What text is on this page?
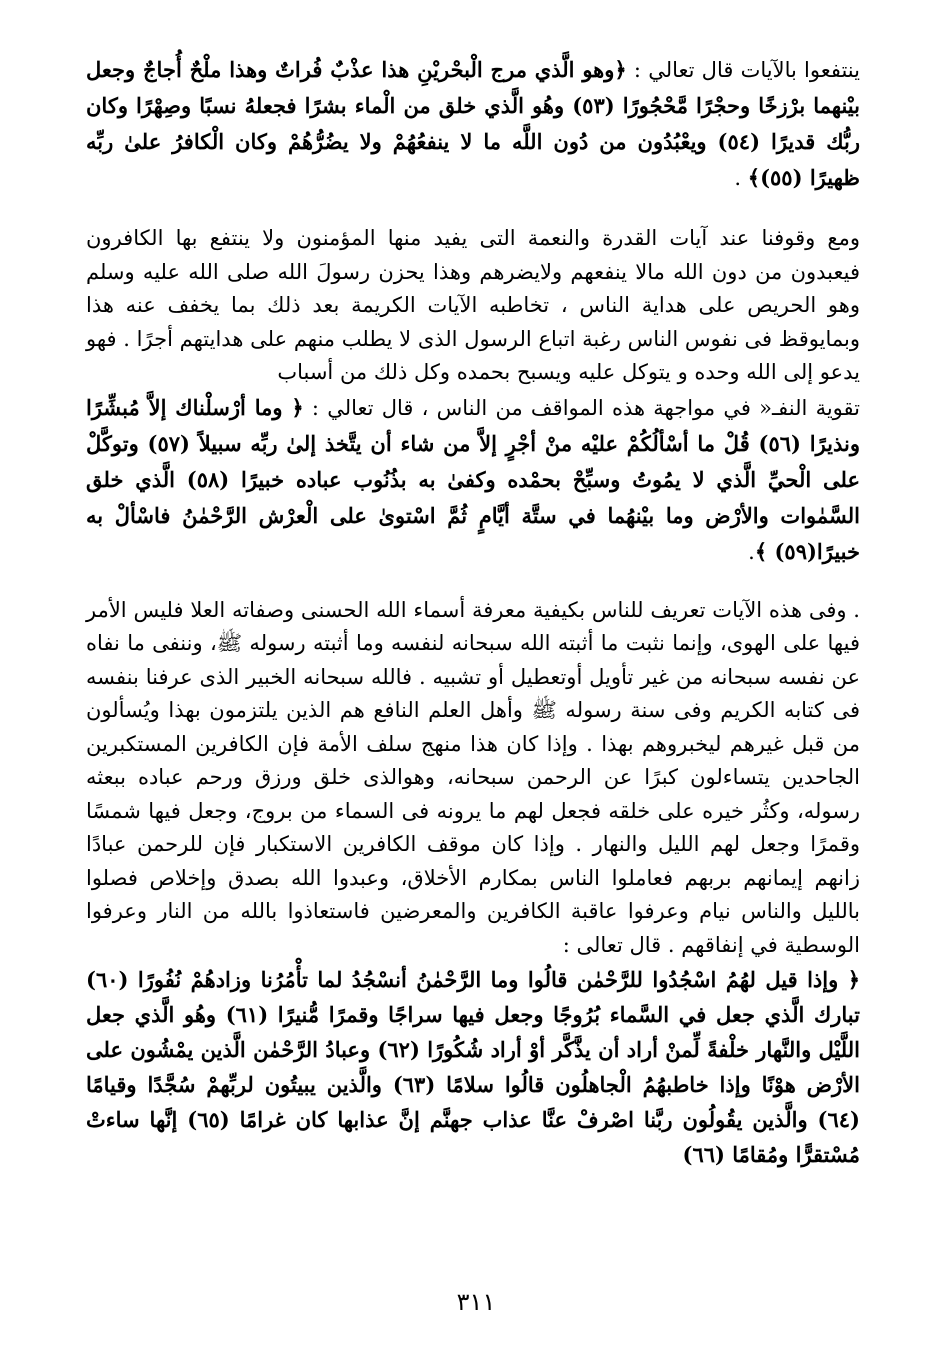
ينتفعوا بالآيات قال تعالي : ﴿وهو الَّذي مرج الْبحْريْنِ هذا عذْبٌ فُراتٌ وهذا ملْحٌ أُجاجٌ وجعل بيْنهما برْزخًا وحجْرًا مَّحْجُورًا (٥٣) وهُو الَّذي خلق من الْماء بشرًا فجعلهُ نسبًا وصِهْرًا وكان ربُّك قديرًا (٥٤) ويعْبُدُون من دُون اللَّه ما لا ينفعُهُمْ ولا يضُرُّهُمْ وكان الْكافرُ علىٰ ربِّه ظهيرًا (٥٥)﴾ .

ومع وقوفنا عند آيات القدرة والنعمة التى يفيد منها المؤمنون ولا ينتفع بها الكافرون فيعبدون من دون الله مالا ينفعهم ولايضرهم وهذا يحزن رسولَ الله صلى الله عليه وسلم وهو الحريص على هداية الناس ، تخاطبه الآيات الكريمة بعد ذلك بما يخفف عنه هذا وبمايوقظ فى نفوس الناس رغبة اتباع الرسول الذى لا يطلب منهم على هدايتهم أجرًا . فهو يدعو إلى الله وحده و يتوكل عليه ويسبح بحمده وكل ذلك من أسباب

تقوية النفـ« في مواجهة هذه المواقف من الناس ، قال تعالي : ﴿ وما أرْسلْناك إلاَّ مُبشِّرًا ونذيرًا (٥٦) قُلْ ما أسْألُكُمْ عليْه منْ أجْرٍ إلاَّ من شاء أن يتَّخذ إلىٰ ربِّه سبيلاً (٥٧) وتوكَّلْ على الْحيِّ الَّذي لا يمُوتُ وسبِّحْ بحمْده وكفىٰ به بذُنُوب عباده خبيرًا (٥٨) الَّذي خلق السَّمٰوات والأرْض وما بيْنهُما في ستَّة أيَّامٍ ثُمَّ اسْتوىٰ على الْعرْش الرَّحْمٰنُ فاسْألْ به خبيرًا(٥٩) ﴾.

. وفى هذه الآيات تعريف للناس بكيفية معرفة أسماء الله الحسنى وصفاته العلا فليس الأمر فيها على الهوى، وإنما نثبت ما أثبته الله سبحانه لنفسه وما أثبته رسوله ﷺ، وننفى ما نفاه عن نفسه سبحانه من غير تأويل أوتعطيل أو تشبيه . فالله سبحانه الخبير الذى عرفنا بنفسه فى كتابه الكريم وفى سنة رسوله ﷺ وأهل العلم النافع هم الذين يلتزمون بهذا ويُسألون من قبل غيرهم ليخبروهم بهذا . وإذا كان هذا منهج سلف الأمة فإن الكافرين المستكبرين الجاحدين يتساءلون كبرًا عن الرحمن سبحانه، وهوالذى خلق ورزق ورحم عباده ببعثه رسوله، وكثُر خيره على خلقه فجعل لهم ما يرونه فى السماء من بروج، وجعل فيها شمسًا وقمرًا وجعل لهم الليل والنهار . وإذا كان موقف الكافرين الاستكبار فإن للرحمن عبادًا زانهم إيمانهم بربهم فعاملوا الناس بمكارم الأخلاق، وعبدوا الله بصدق وإخلاص فصلوا بالليل والناس نيام وعرفوا عاقبة الكافرين والمعرضين فاستعاذوا بالله من النار وعرفوا الوسطية في إنفاقهم . قال تعالى :

﴿ وإذا قيل لهُمُ اسْجُدُوا للرَّحْمٰن قالُوا وما الرَّحْمٰنُ أنسْجُدُ لما تأْمُرُنا وزادهُمْ نُفُورًا (٦٠) تبارك الَّذي جعل في السَّماء بُرُوجًا وجعل فيها سراجًا وقمرًا مُّنيرًا (٦١) وهُو الَّذي جعل اللَّيْل والنَّهار خلْفةً لِّمنْ أراد أن يذَّكَّر أوْ أراد شُكُورًا (٦٢) وعبادُ الرَّحْمٰن الَّذين يمْشُون على الأرْض هوْنًا وإذا خاطبهُمُ الْجاهلُون قالُوا سلامًا (٦٣) والَّذين يبيتُون لربِّهمْ سُجَّدًا وقيامًا (٦٤) والَّذين يقُولُون ربَّنا اصْرفْ عنَّا عذاب جهنَّم إنَّ عذابها كان غرامًا (٦٥) إنَّها ساءتْ مُسْتقرًّا ومُقامًا (٦٦)

٣١١
